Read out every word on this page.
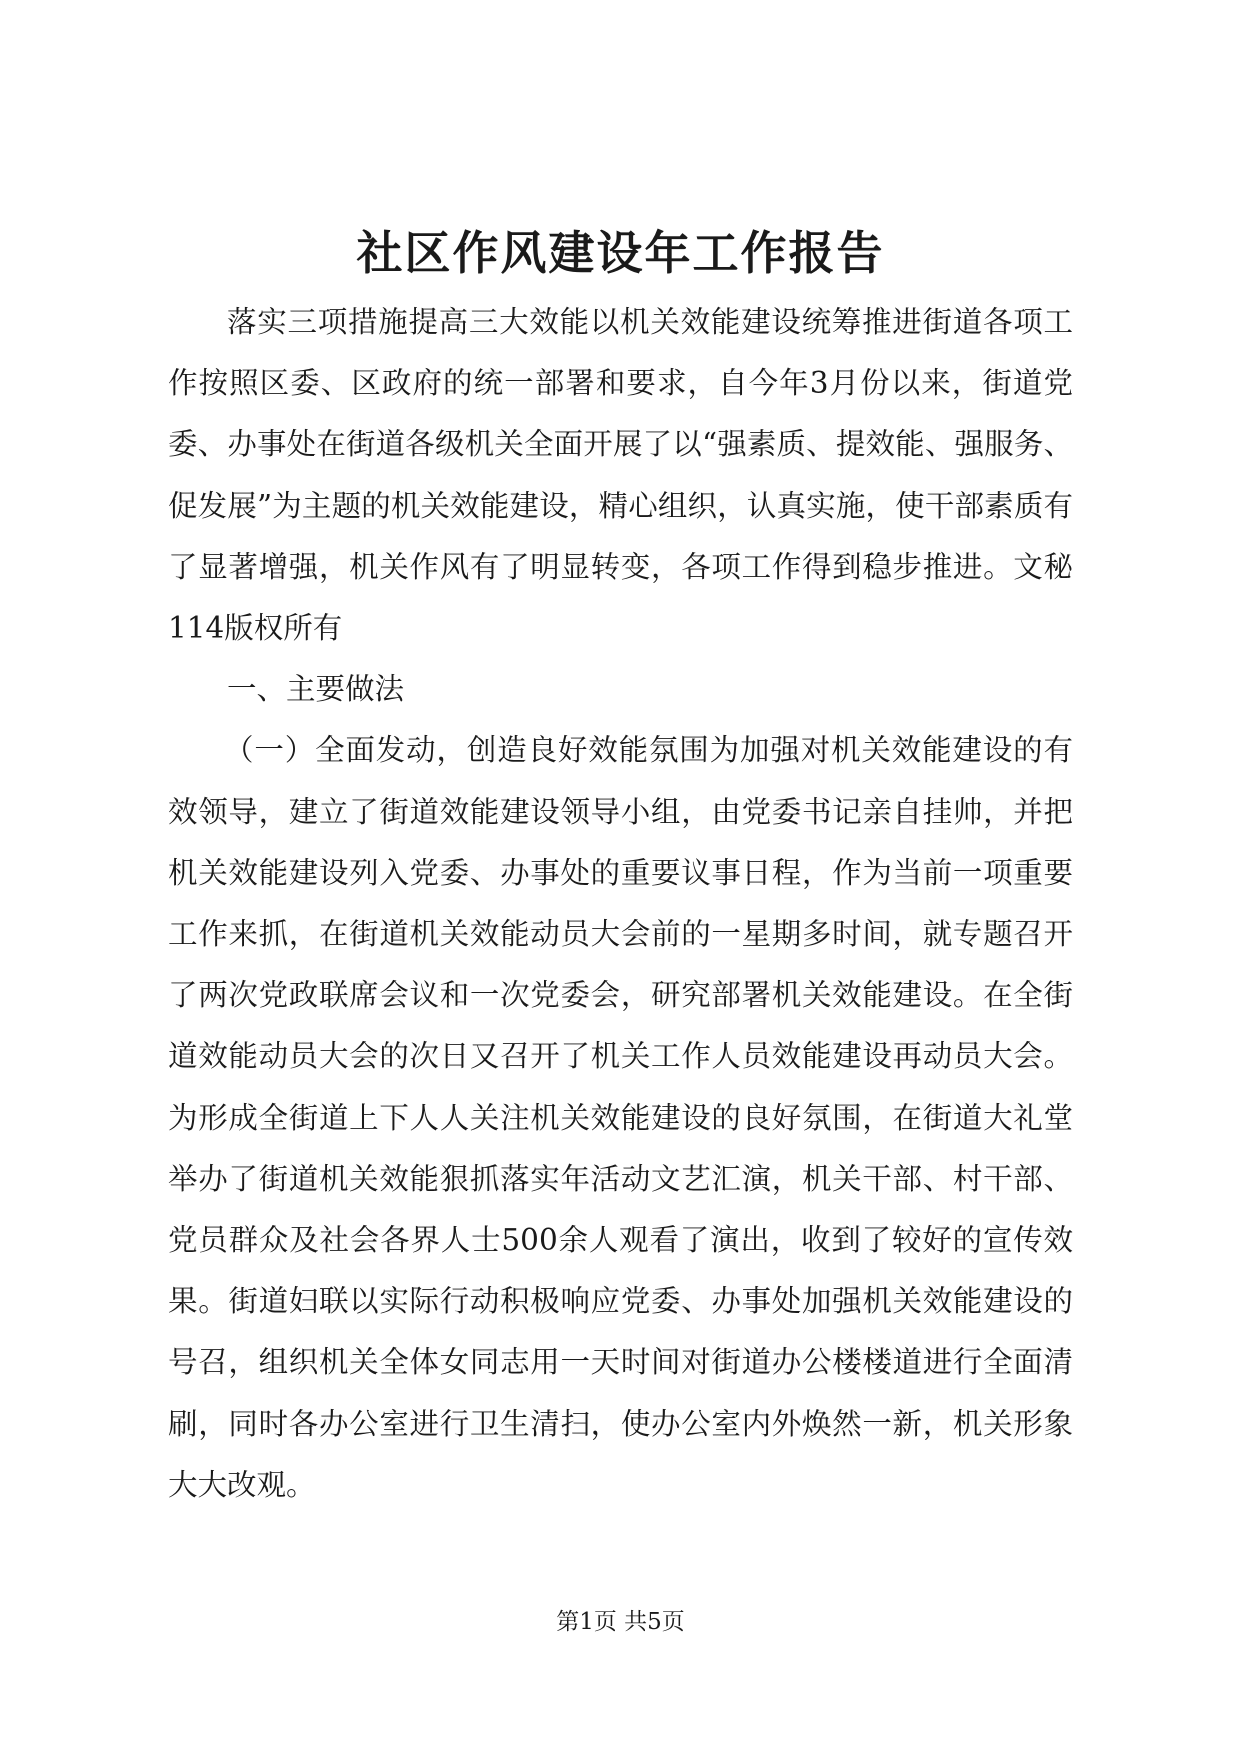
社区作风建设年工作报告

落实三项措施提高三大效能以机关效能建设统筹推进街道各项工作按照区委、区政府的统一部署和要求，自今年3月份以来，街道党委、办事处在街道各级机关全面开展了以“强素质、提效能、强服务、促发展”为主题的机关效能建设，精心组织，认真实施，使干部素质有了显著增强，机关作风有了明显转变，各项工作得到稳步推进。文秘114版权所有

一、主要做法

（一）全面发动，创造良好效能氛围为加强对机关效能建设的有效领导，建立了街道效能建设领导小组，由党委书记亲自挂帅，并把机关效能建设列入党委、办事处的重要议事日程，作为当前一项重要工作来抓，在街道机关效能动员大会前的一星期多时间，就专题召开了两次党政联席会议和一次党委会，研究部署机关效能建设。在全街道效能动员大会的次日又召开了机关工作人员效能建设再动员大会。为形成全街道上下人人关注机关效能建设的良好氛围，在街道大礼堂举办了街道机关效能狠抓落实年活动文艺汇演，机关干部、村干部、党员群众及社会各界人士500余人观看了演出，收到了较好的宣传效果。街道妇联以实际行动积极响应党委、办事处加强机关效能建设的号召，组织机关全体女同志用一天时间对街道办公楼楼道进行全面清刷，同时各办公室进行卫生清扫，使办公室内外焕然一新，机关形象大大改观。

第1页 共5页
